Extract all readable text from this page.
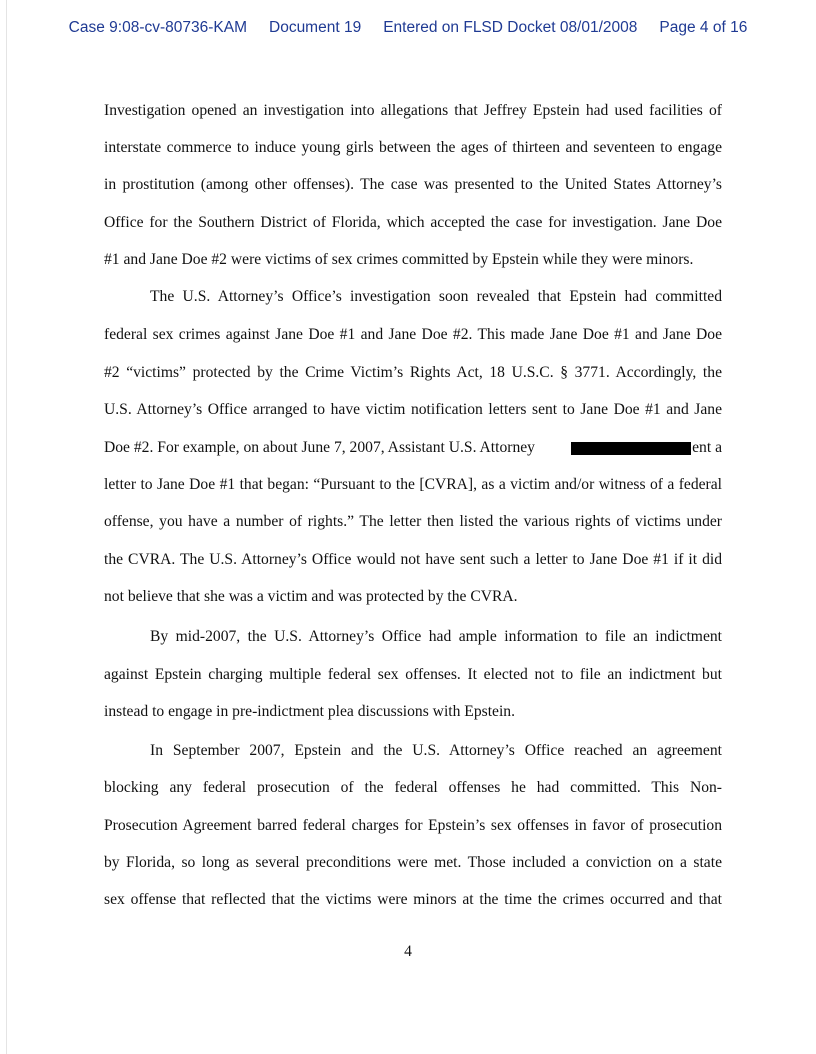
Case 9:08-cv-80736-KAM Document 19 Entered on FLSD Docket 08/01/2008 Page 4 of 16
Investigation opened an investigation into allegations that Jeffrey Epstein had used facilities of
interstate commerce to induce young girls between the ages of thirteen and seventeen to engage
in prostitution (among other offenses). The case was presented to the United States Attorney’s
Office for the Southern District of Florida, which accepted the case for investigation. Jane Doe
#1 and Jane Doe #2 were victims of sex crimes committed by Epstein while they were minors.
The U.S. Attorney’s Office’s investigation soon revealed that Epstein had committed
federal sex crimes against Jane Doe #1 and Jane Doe #2. This made Jane Doe #1 and Jane Doe
#2 “victims” protected by the Crime Victim’s Rights Act, 18 U.S.C. § 3771. Accordingly, the
U.S. Attorney’s Office arranged to have victim notification letters sent to Jane Doe #1 and Jane
Doe #2. For example, on about June 7, 2007, Assistant U.S. Attorney	ent a
letter to Jane Doe #1 that began: “Pursuant to the [CVRA], as a victim and/or witness of a federal
offense, you have a number of rights.” The letter then listed the various rights of victims under
the CVRA. The U.S. Attorney’s Office would not have sent such a letter to Jane Doe #1 if it did
not believe that she was a victim and was protected by the CVRA.
By mid-2007, the U.S. Attorney’s Office had ample information to file an indictment
against Epstein charging multiple federal sex offenses. It elected not to file an indictment but
instead to engage in pre-indictment plea discussions with Epstein.
In September 2007, Epstein and the U.S. Attorney’s Office reached an agreement
blocking any federal prosecution of the federal offenses he had committed. This Non-
Prosecution Agreement barred federal charges for Epstein’s sex offenses in favor of prosecution
by Florida, so long as several preconditions were met. Those included a conviction on a state
sex offense that reflected that the victims were minors at the time the crimes occurred and that
4
